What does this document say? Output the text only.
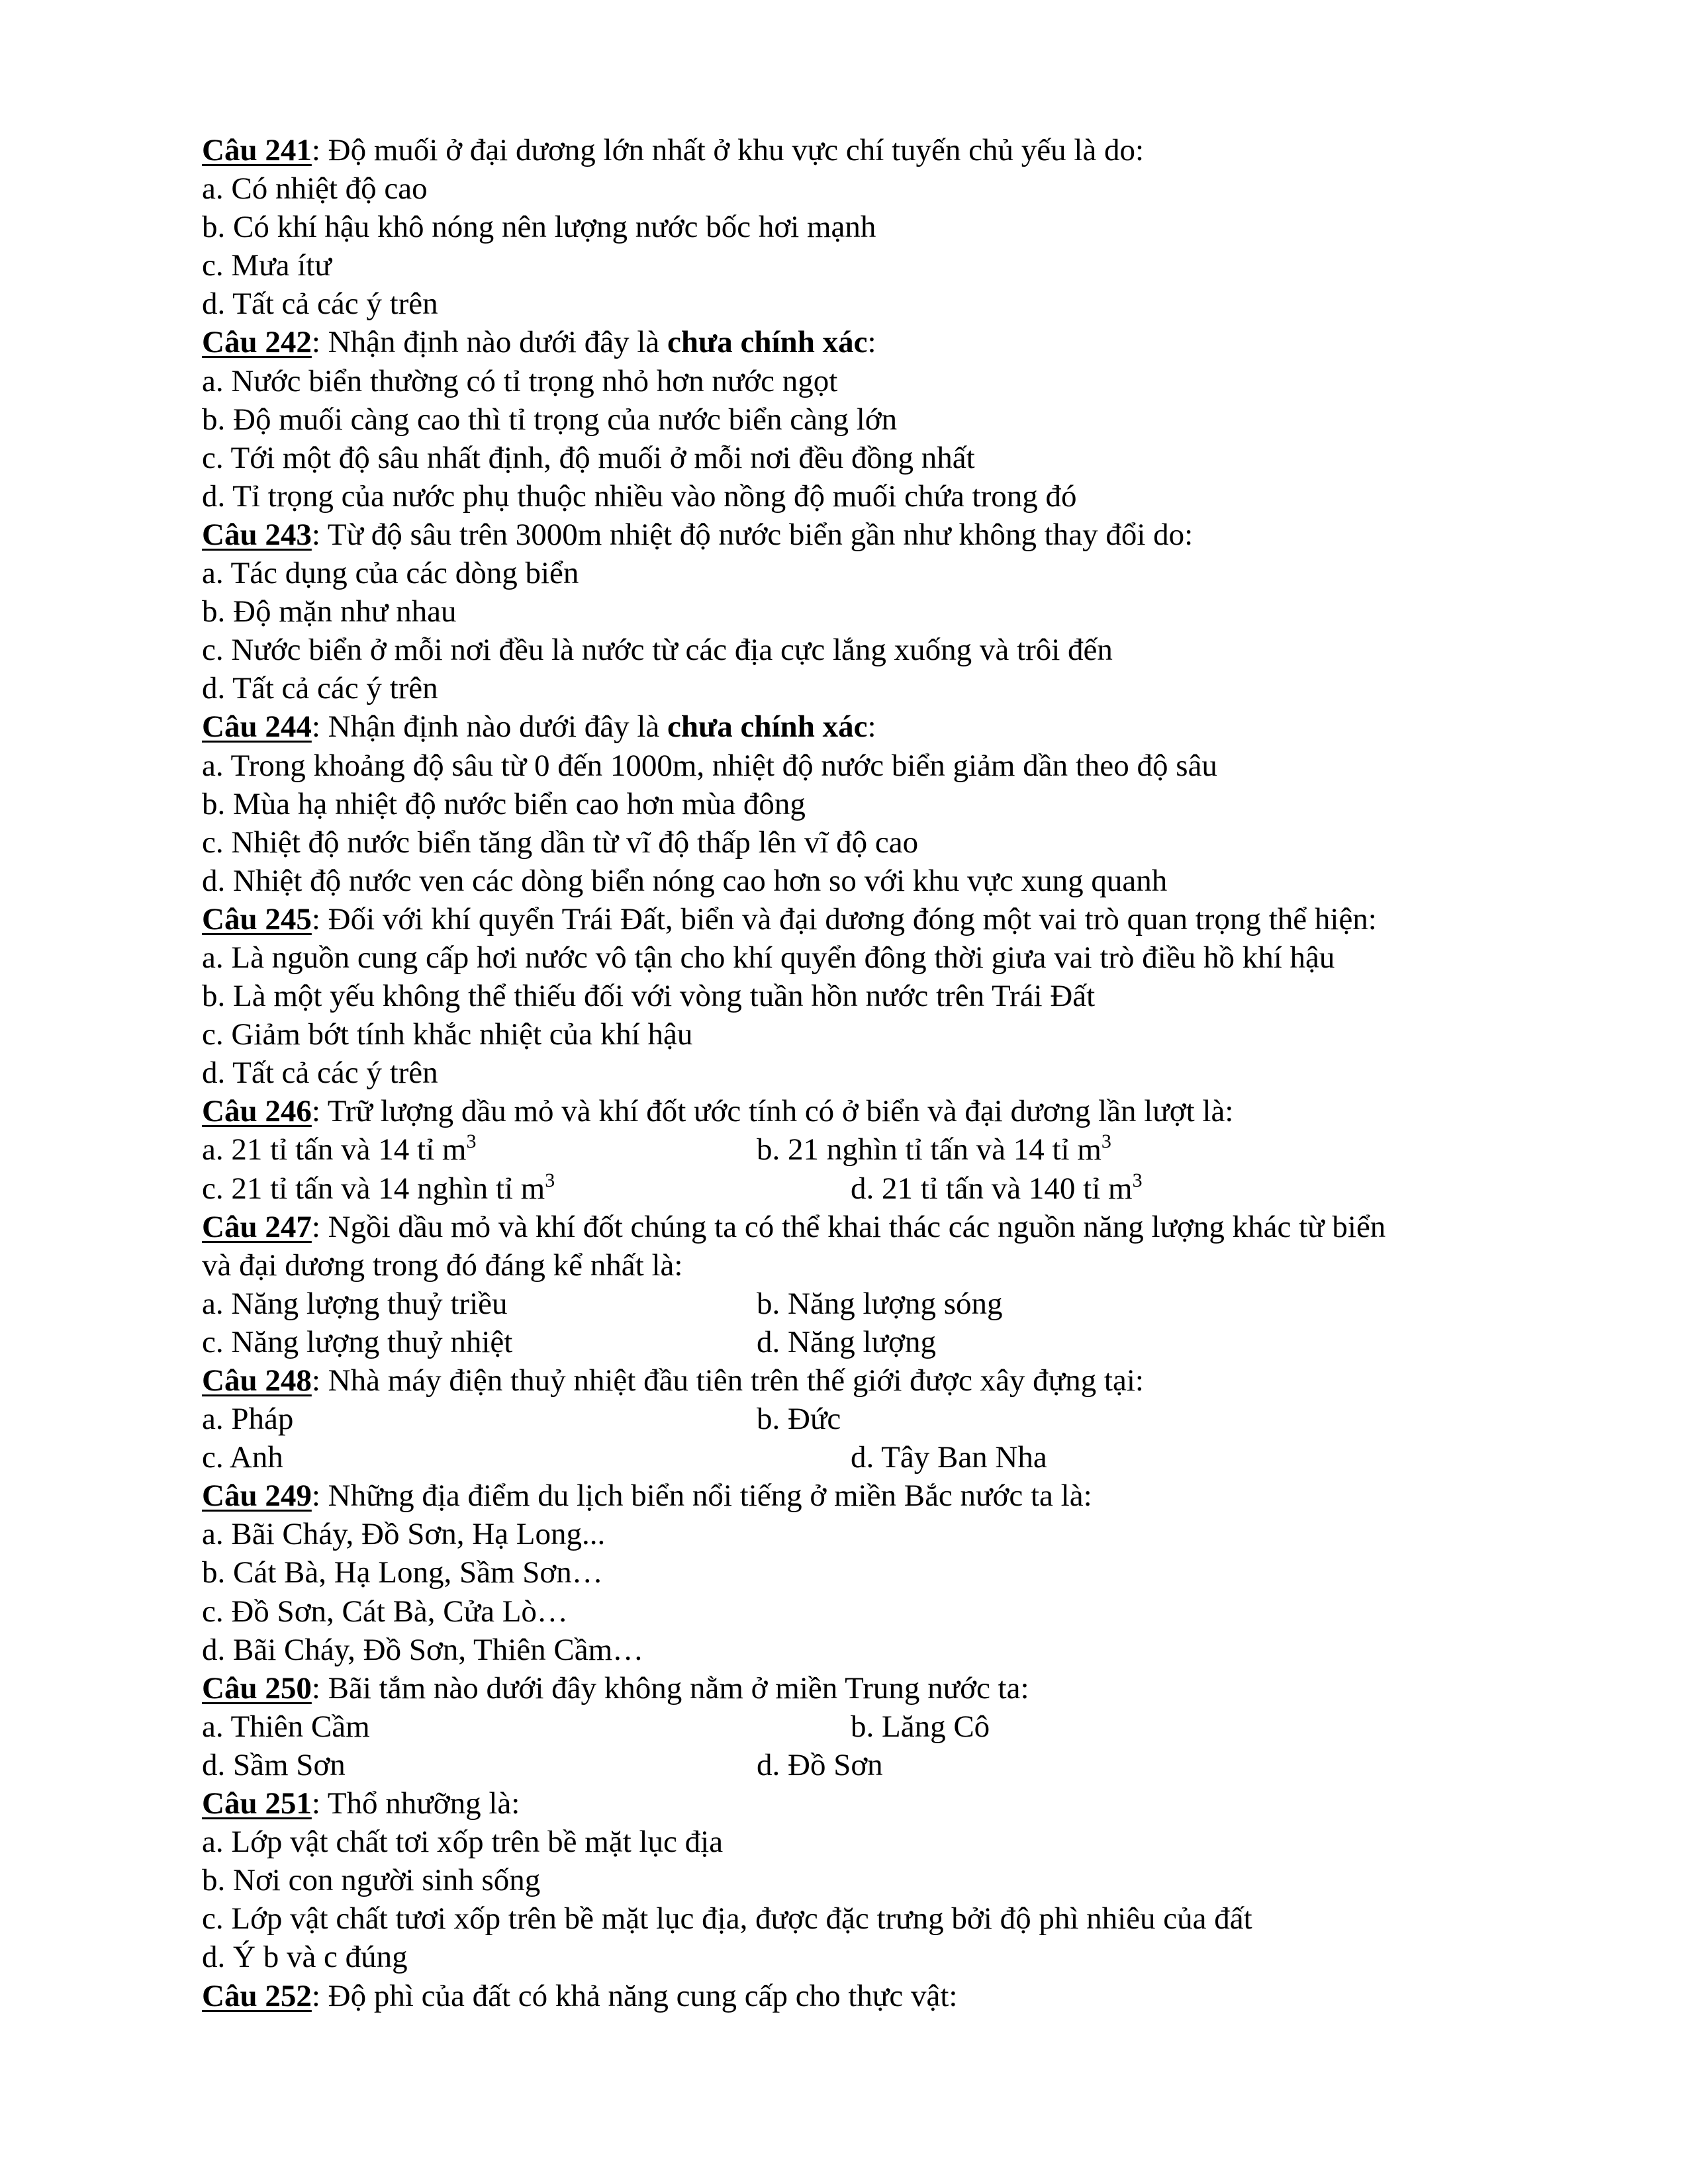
Câu 241: Độ muối ở đại dương lớn nhất ở khu vực chí tuyến chủ yếu là do:
a. Có nhiệt độ cao
b. Có khí hậu khô nóng nên lượng nước bốc hơi mạnh
c. Mưa ítư
d. Tất cả các ý trên
Câu 242: Nhận định nào dưới đây là chưa chính xác:
a. Nước biển thường có tỉ trọng nhỏ hơn nước ngọt
b. Độ muối càng cao thì tỉ trọng của nước biển càng lớn
c. Tới một độ sâu nhất định, độ muối ở mỗi nơi đều đồng nhất
d. Tỉ trọng của nước phụ thuộc nhiều vào nồng độ muối chứa trong đó
Câu 243: Từ độ sâu trên 3000m nhiệt độ nước biển gần như không thay đổi do:
a. Tác dụng của các dòng biển
b. Độ mặn như nhau
c. Nước biển ở mỗi nơi đều là nước từ các địa cực lắng xuống và trôi đến
d. Tất cả các ý trên
Câu 244: Nhận định nào dưới đây là chưa chính xác:
a. Trong khoảng độ sâu từ 0 đến 1000m, nhiệt độ nước biển giảm dần theo độ sâu
b. Mùa hạ nhiệt độ nước biển cao hơn mùa đông
c. Nhiệt độ nước biển tăng dần từ vĩ độ thấp lên vĩ độ cao
d. Nhiệt độ nước ven các dòng biển nóng cao hơn so với khu vực xung quanh
Câu 245: Đối với khí quyển Trái Đất, biển và đại dương đóng một vai trò quan trọng thể hiện:
a. Là nguồn cung cấp hơi nước vô tận cho khí quyển đông thời giưa vai trò điều hồ khí hậu
b. Là một yếu không thể thiếu đối với vòng tuần hồn nước trên Trái Đất
c. Giảm bớt tính khắc nhiệt của khí hậu
d. Tất cả các ý trên
Câu 246: Trữ lượng dầu mỏ và khí đốt ước tính có ở biển và đại dương lần lượt là:
a. 21 tỉ tấn và 14 tỉ $m^3$	b. 21 nghìn tỉ tấn và 14 tỉ $m^3$
c. 21 tỉ tấn và 14 nghìn tỉ $m^3$	d. 21 tỉ tấn và 140 tỉ $m^3$
Câu 247: Ngồi dầu mỏ và khí đốt chúng ta có thể khai thác các nguồn năng lượng khác từ biển
và đại dương trong đó đáng kể nhất là:
a. Năng lượng thuỷ triều	b. Năng lượng sóng
c. Năng lượng thuỷ nhiệt	d. Năng lượng
Câu 248: Nhà máy điện thuỷ nhiệt đầu tiên trên thế giới được xây đựng tại:
a. Pháp	b. Đức
c. Anh	d. Tây Ban Nha
Câu 249: Những địa điểm du lịch biển nổi tiếng ở miền Bắc nước ta là:
a. Bãi Cháy, Đồ Sơn, Hạ Long...
b. Cát Bà, Hạ Long, Sầm Sơn…
c. Đồ Sơn, Cát Bà, Cửa Lò…
d. Bãi Cháy, Đồ Sơn, Thiên Cầm…
Câu 250: Bãi tắm nào dưới đây không nằm ở miền Trung nước ta:
a. Thiên Cầm	b. Lăng Cô
d. Sầm Sơn	d. Đồ Sơn
Câu 251: Thổ nhưỡng là:
a. Lớp vật chất tơi xốp trên bề mặt lục địa
b. Nơi con người sinh sống
c. Lớp vật chất tươi xốp trên bề mặt lục địa, được đặc trưng bởi độ phì nhiêu của đất
d. Ý b và c đúng
Câu 252: Độ phì của đất có khả năng cung cấp cho thực vật:
